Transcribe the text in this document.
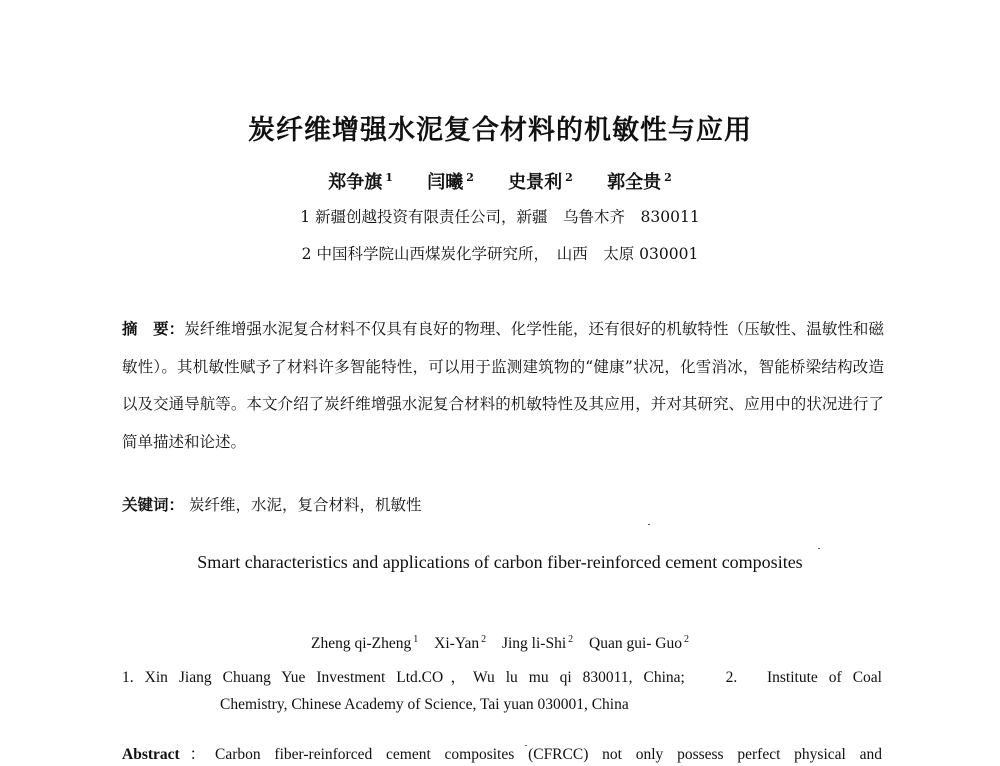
炭纤维增强水泥复合材料的机敏性与应用
郑争旗 $^1$ 闫曦 $^2$ 史景利 $^2$ 郭全贵 $^2$
1 新疆创越投资有限责任公司，新疆　乌鲁木齐　830011
2 中国科学院山西煤炭化学研究所，　山西　太原 030001
摘　要：炭纤维增强水泥复合材料不仅具有良好的物理、化学性能，还有很好的机敏特性（压敏性、温敏性和磁敏性）。其机敏性赋予了材料许多智能特性，可以用于监测建筑物的“健康”状况，化雪消冰，智能桥梁结构改造以及交通导航等。本文介绍了炭纤维增强水泥复合材料的机敏特性及其应用，并对其研究、应用中的状况进行了简单描述和论述。
关键词： 炭纤维，水泥，复合材料，机敏性
Smart characteristics and applications of carbon fiber-reinforced cement composites
Zheng qi-Zheng $^1$ Xi-Yan $^2$ Jing li-Shi $^2$ Quan gui- Guo $^2$
1. Xin Jiang Chuang Yue Investment Ltd.CO，Wu lu mu qi 830011, China;　 2.　Institute of Coal
Chemistry, Chinese Academy of Science, Tai yuan 030001, China
Abstract：Carbon fiber-reinforced cement composites (CFRCC) not only possess perfect physical and
